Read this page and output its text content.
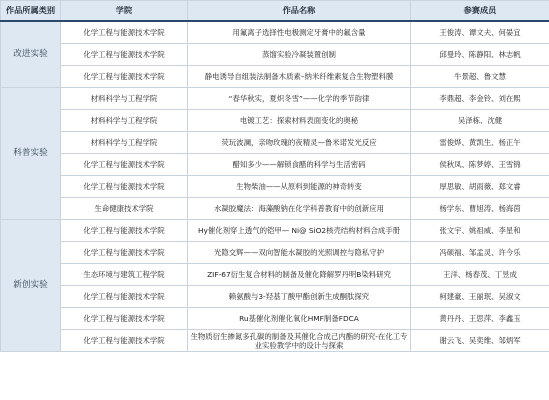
作品所属类别	学院	作品名称	参赛成员
改进实验	化学工程与能源技术学院	用氟离子选择性电极测定牙膏中的氟含量	王俊涛、谭文夫、何晏宜
	化学工程与能源技术学院	蒸馏实验冷凝装置创制	邱曼玲、陈静阳、林志帆
	化学工程与能源技术学院	静电诱导自组装法制备木质素–纳米纤维素复合生物塑料膜	牛景超、鲁文慧
科普实验	材料科学与工程学院	“春华秋实，夏炽冬雪”——化学的季节韵律	李鼎超、李金铃、刘在熙
	材料科学与工程学院	电镀工艺：探索材料表面变化的奥秘	吴泽栋、沈健
	材料科学与工程学院	荧玩波澜，亲吻玫瑰的夜精灵—鲁米诺发光反应	雷俊烨、黄凯生、杨正午
	化学工程与能源技术学院	醋知多少——解锁食醋的科学与生活密码	侯秋凤、陈梦婷、王雪锦
	化学工程与能源技术学院	生物柴油——从原料到能源的神奇转变	厚思敏、胡雨薇、郑文睿
	生命健康技术学院	水凝胶魔法：海藻酸钠在化学科普教育中的创新应用	杨学东、曹旭涛、杨海茵
新创实验	化学工程与能源技术学院	Hy催化剂穿上透气的铠甲— Ni@ SiO2核壳结构材料合成手册	张文宇、姚祖威、李星和
	化学工程与能源技术学院	光隐交辉——双向智能水凝胶的光照调控与隐私守护	冯硕福、邹孟灵、许今乐
	生态环境与建筑工程学院	ZIF-67衍生复合材料的制备及催化降解罗丹明B染料研究	王洋、杨春茂、丁昱成
	化学工程与能源技术学院	赖氨酸与3-羟基丁酸甲酯创新生成酮肽探究	柯建豪、王丽珉、吴淑文
	化学工程与能源技术学院	Ru基催化剂催化氧化HMF制备FDCA	黄丹丹、王思萍、李鑫玉
	化学工程与能源技术学院	生物质衍生掺氮多孔碳的制备及其催化合成己内酯的研究-在化工专业实验教学中的设计与探索	谢云飞、吴奕维、邹炳军
